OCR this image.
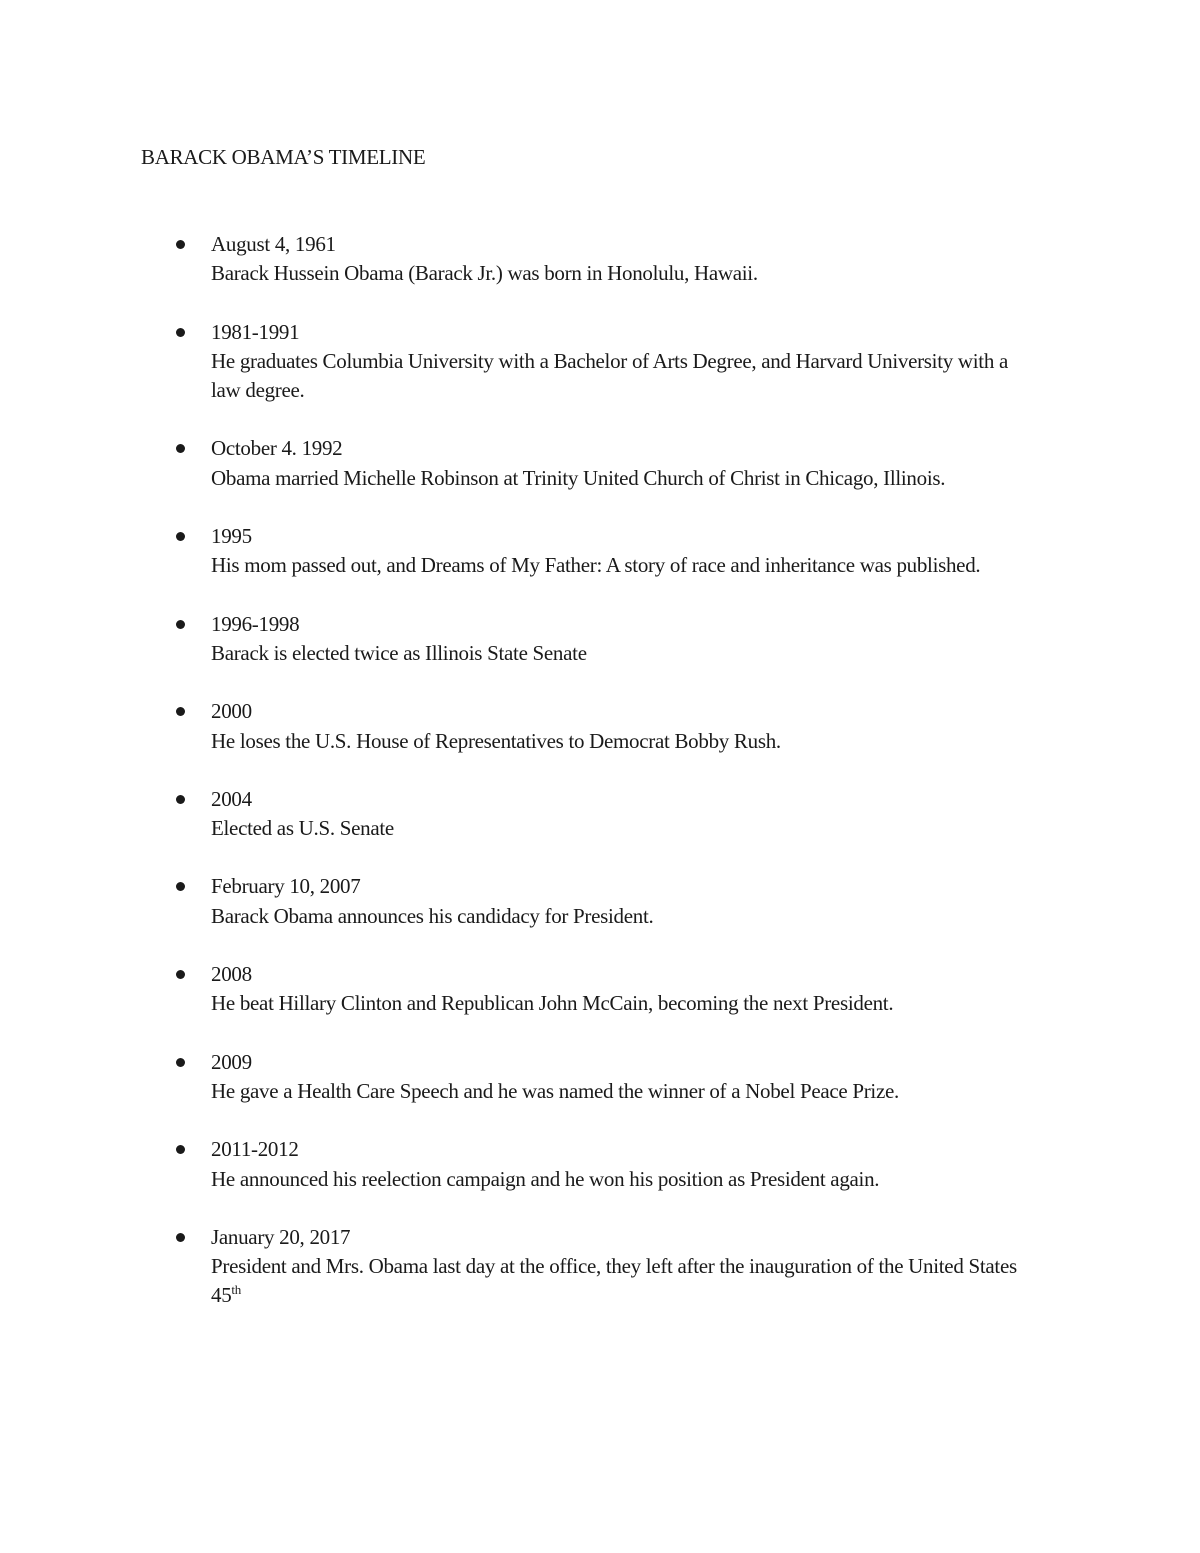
BARACK OBAMA’S TIMELINE
August 4, 1961
Barack Hussein Obama (Barack Jr.) was born in Honolulu, Hawaii.
1981-1991
He graduates Columbia University with a Bachelor of Arts Degree, and Harvard University with a law degree.
October 4. 1992
Obama married Michelle Robinson at Trinity United Church of Christ in Chicago, Illinois.
1995
His mom passed out, and Dreams of My Father: A story of race and inheritance was published.
1996-1998
Barack is elected twice as Illinois State Senate
2000
He loses the U.S. House of Representatives to Democrat Bobby Rush.
2004
Elected as U.S. Senate
February 10, 2007
Barack Obama announces his candidacy for President.
2008
He beat Hillary Clinton and Republican John McCain, becoming the next President.
2009
He gave a Health Care Speech and he was named the winner of a Nobel Peace Prize.
2011-2012
He announced his reelection campaign and he won his position as President again.
January 20, 2017
President and Mrs. Obama last day at the office, they left after the inauguration of the United States 45th
